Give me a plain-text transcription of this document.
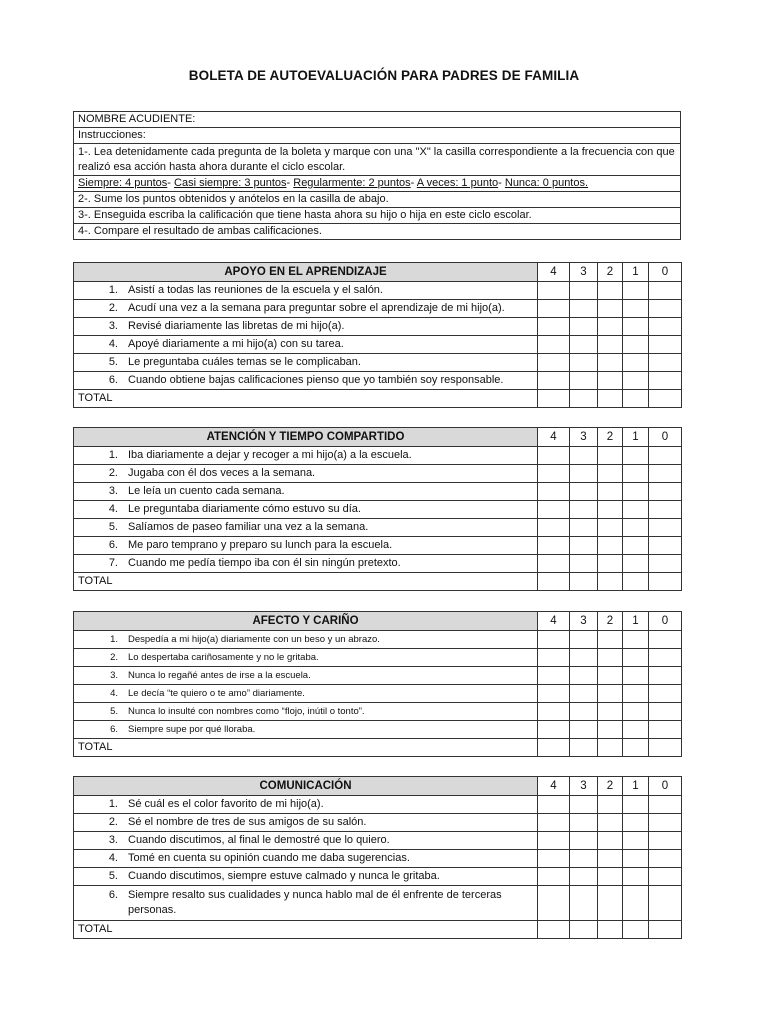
BOLETA DE AUTOEVALUACIÓN PARA PADRES DE FAMILIA
NOMBRE ACUDIENTE:
Instrucciones:
1-. Lea detenidamente cada pregunta de la boleta y marque con una "X" la casilla correspondiente a la frecuencia con que realizó esa acción hasta ahora durante el ciclo escolar.
Siempre: 4 puntos- Casi siempre: 3 puntos- Regularmente: 2 puntos- A veces: 1 punto- Nunca: 0 puntos.
2-. Sume los puntos obtenidos y anótelos en la casilla de abajo.
3-. Enseguida escriba la calificación que tiene hasta ahora su hijo o hija en este ciclo escolar.
4-. Compare el resultado de ambas calificaciones.
APOYO EN EL APRENDIZAJE	4	3	2	1	0

1. Asistí a todas las reuniones de la escuela y el salón.					

2. Acudí una vez a la semana para preguntar sobre el aprendizaje de mi hijo(a).					

3. Revisé diariamente las libretas de mi hijo(a).					

4. Apoyé diariamente a mi hijo(a) con su tarea.					

5. Le preguntaba cuáles temas se le complicaban.					

6. Cuando obtiene bajas calificaciones pienso que yo también soy responsable.					

TOTAL					
ATENCIÓN Y TIEMPO COMPARTIDO	4	3	2	1	0

1. Iba diariamente a dejar y recoger a mi hijo(a) a la escuela.					

2. Jugaba con él dos veces a la semana.					

3. Le leía un cuento cada semana.					

4. Le preguntaba diariamente cómo estuvo su día.					

5. Salíamos de paseo familiar una vez a la semana.					

6. Me paro temprano y preparo su lunch para la escuela.					

7. Cuando me pedía tiempo iba con él sin ningún pretexto.					

TOTAL					
AFECTO Y CARIÑO	4	3	2	1	0

1. Despedía a mi hijo(a) diariamente con un beso y un abrazo.					

2. Lo despertaba cariñosamente y no le gritaba.					

3. Nunca lo regañé antes de irse a la escuela.					

4. Le decía “te quiero o te amo” diariamente.					

5. Nunca lo insulté con nombres como “flojo, inútil o tonto”.					

6. Siempre supe por qué lloraba.					

TOTAL					
COMUNICACIÓN	4	3	2	1	0

1. Sé cuál es el color favorito de mi hijo(a).					

2. Sé el nombre de tres de sus amigos de su salón.					

3. Cuando discutimos, al final le demostré que lo quiero.					

4. Tomé en cuenta su opinión cuando me daba sugerencias.					

5. Cuando discutimos, siempre estuve calmado y nunca le gritaba.					

6. Siempre resalto sus cualidades y nunca hablo mal de él enfrente de terceras personas.					

TOTAL					
